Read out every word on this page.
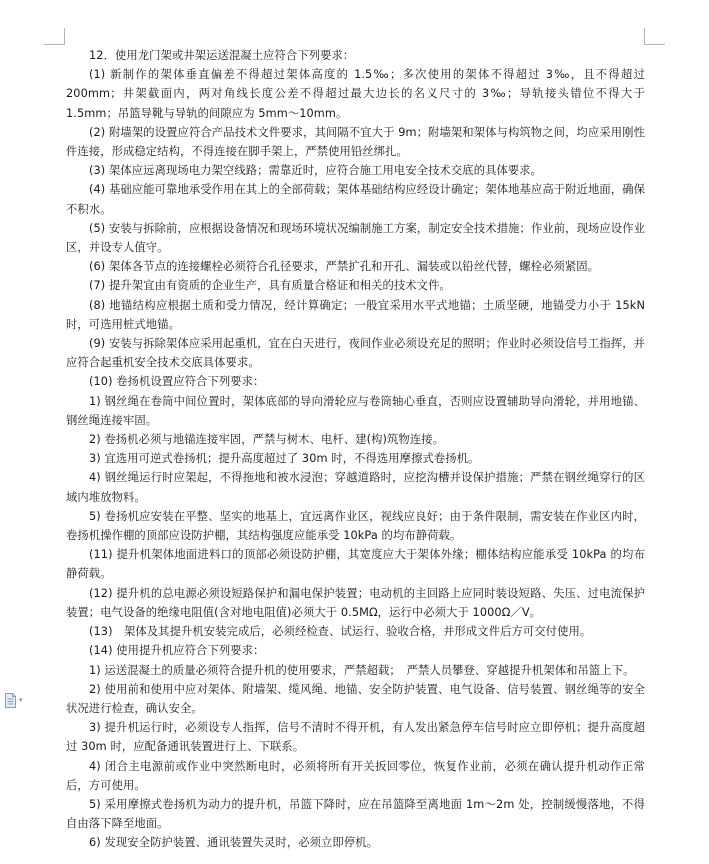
12．使用龙门架或井架运送混凝土应符合下列要求：

(1) 新制作的架体垂直偏差不得超过架体高度的 1.5‰；多次使用的架体不得超过 3‰，且不得超过 200mm；井架截面内，两对角线长度公差不得超过最大边长的名义尺寸的 3‰；导轨接头错位不得大于 1.5mm；吊篮导靴与导轨的间隙应为 5mm～10mm。

(2) 附墙架的设置应符合产品技术文件要求，其间隔不宜大于 9m；附墙架和架体与构筑物之间，均应采用刚性件连接，形成稳定结构，不得连接在脚手架上，严禁使用铅丝绑扎。

(3) 架体应远离现场电力架空线路；需靠近时，应符合施工用电安全技术交底的具体要求。

(4) 基础应能可靠地承受作用在其上的全部荷载；架体基础结构应经设计确定；架体地基应高于附近地面，确保不积水。

(5) 安装与拆除前，应根据设备情况和现场环境状况编制施工方案，制定安全技术措施；作业前，现场应设作业区，并设专人值守。

(6) 架体各节点的连接螺栓必须符合孔径要求，严禁扩孔和开孔、漏装或以铅丝代替，螺栓必须紧固。

(7) 提升架宜由有资质的企业生产，具有质量合格证和相关的技术文件。

(8) 地锚结构应根据土质和受力情况，经计算确定；一般宜采用水平式地锚；土质坚硬，地锚受力小于 15kN 时，可选用桩式地锚。

(9) 安装与拆除架体应采用起重机，宜在白天进行，夜间作业必须设充足的照明；作业时必须设信号工指挥，并应符合起重机安全技术交底具体要求。

(10) 卷扬机设置应符合下列要求：

1) 钢丝绳在卷筒中间位置时，架体底部的导向滑轮应与卷筒轴心垂直，否则应设置辅助导向滑轮，并用地锚、钢丝绳连接牢固。

2) 卷扬机必须与地锚连接牢固，严禁与树木、电杆、建(构)筑物连接。

3) 宜选用可逆式卷扬机；提升高度超过了 30m 时，不得选用摩擦式卷扬机。

4) 钢丝绳运行时应架起，不得拖地和被水浸泡；穿越道路时，应挖沟槽并设保护措施；严禁在钢丝绳穿行的区域内堆放物料。

5) 卷扬机应安装在平整、坚实的地基上，宜远离作业区，视线应良好；由于条件限制，需安装在作业区内时，卷扬机操作棚的顶部应设防护棚，其结构强度应能承受 10kPa 的均布静荷载。

(11) 提升机架体地面进料口的顶部必须设防护棚，其宽度应大于架体外缘；棚体结构应能承受 10kPa 的均布静荷载。

(12) 提升机的总电源必须设短路保护和漏电保护装置；电动机的主回路上应同时装设短路、失压、过电流保护装置；电气设备的绝缘电阻值(含对地电阻值)必须大于 0.5MΩ，运行中必须大于 1000Ω／V。

(13)　架体及其提升机安装完成后，必须经检查、试运行、验收合格，并形成文件后方可交付使用。

(14) 使用提升机应符合下列要求：

1) 运送混凝土的质量必须符合提升机的使用要求，严禁超载；　严禁人员攀登、穿越提升机架体和吊篮上下。

2) 使用前和使用中应对架体、附墙架、缆风绳、地锚、安全防护装置、电气设备、信号装置、钢丝绳等的安全状况进行检查，确认安全。

3) 提升机运行时，必须设专人指挥，信号不清时不得开机，有人发出紧急停车信号时应立即停机；提升高度超过 30m 时，应配备通讯装置进行上、下联系。

4) 闭合主电源前或作业中突然断电时，必须将所有开关扳回零位，恢复作业前，必须在确认提升机动作正常后，方可使用。

5) 采用摩擦式卷扬机为动力的提升机，吊篮下降时，应在吊篮降至离地面 1m～2m 处，控制缓慢落地，不得自由落下降至地面。

6) 发现安全防护装置、通讯装置失灵时，必须立即停机。

▾
